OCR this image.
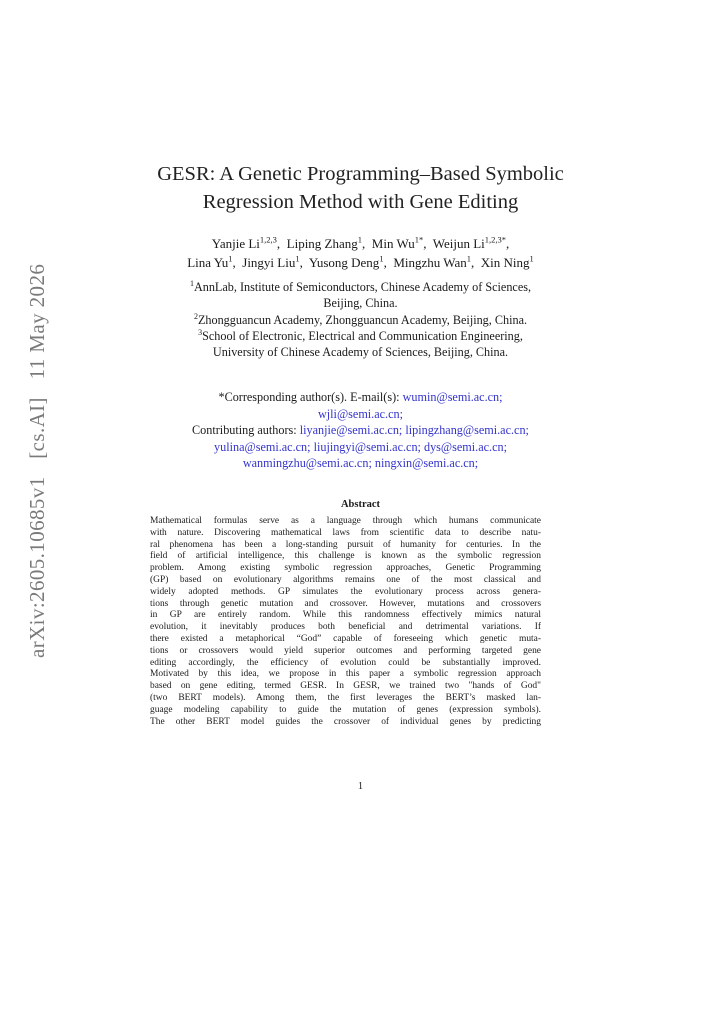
arXiv:2605.10685v1 [cs.AI] 11 May 2026
GESR: A Genetic Programming–Based Symbolic
Regression Method with Gene Editing
Yanjie Li$^{1,2,3}$,  Liping Zhang$^1$,  Min $Wu^{1*}$,  Weijun $Li^{1,2,3*}$,
Lina Yu$^1$,  Jingyi Liu$^1$,  Yusong Deng$^1$,  Mingzhu Wan$^1$,  Xin Ning$^1$
$^1$AnnLab, Institute of Semiconductors, Chinese Academy of Sciences,
Beijing, China.
$^2$Zhongguancun Academy, Zhongguancun Academy, Beijing, China.
$^3$School of Electronic, Electrical and Communication Engineering,
University of Chinese Academy of Sciences, Beijing, China.
*Corresponding author(s). E-mail(s): wumin@semi.ac.cn;
wjli@semi.ac.cn;
Contributing authors: liyanjie@semi.ac.cn; lipingzhang@semi.ac.cn;
yulina@semi.ac.cn; liujingyi@semi.ac.cn; dys@semi.ac.cn;
wanmingzhu@semi.ac.cn; ningxin@semi.ac.cn;
Abstract
Mathematical formulas serve as a language through which humans communicate
with nature. Discovering mathematical laws from scientific data to describe natu-
ral phenomena has been a long-standing pursuit of humanity for centuries. In the
field of artificial intelligence, this challenge is known as the symbolic regression
problem. Among existing symbolic regression approaches, Genetic Programming
(GP) based on evolutionary algorithms remains one of the most classical and
widely adopted methods. GP simulates the evolutionary process across genera-
tions through genetic mutation and crossover. However, mutations and crossovers
in GP are entirely random. While this randomness effectively mimics natural
evolution, it inevitably produces both beneficial and detrimental variations. If
there existed a metaphorical “God” capable of foreseeing which genetic muta-
tions or crossovers would yield superior outcomes and performing targeted gene
editing accordingly, the efficiency of evolution could be substantially improved.
Motivated by this idea, we propose in this paper a symbolic regression approach
based on gene editing, termed GESR. In GESR, we trained two "hands of God"
(two BERT models). Among them, the first leverages the BERT’s masked lan-
guage modeling capability to guide the mutation of genes (expression symbols).
The other BERT model guides the crossover of individual genes by predicting
1
